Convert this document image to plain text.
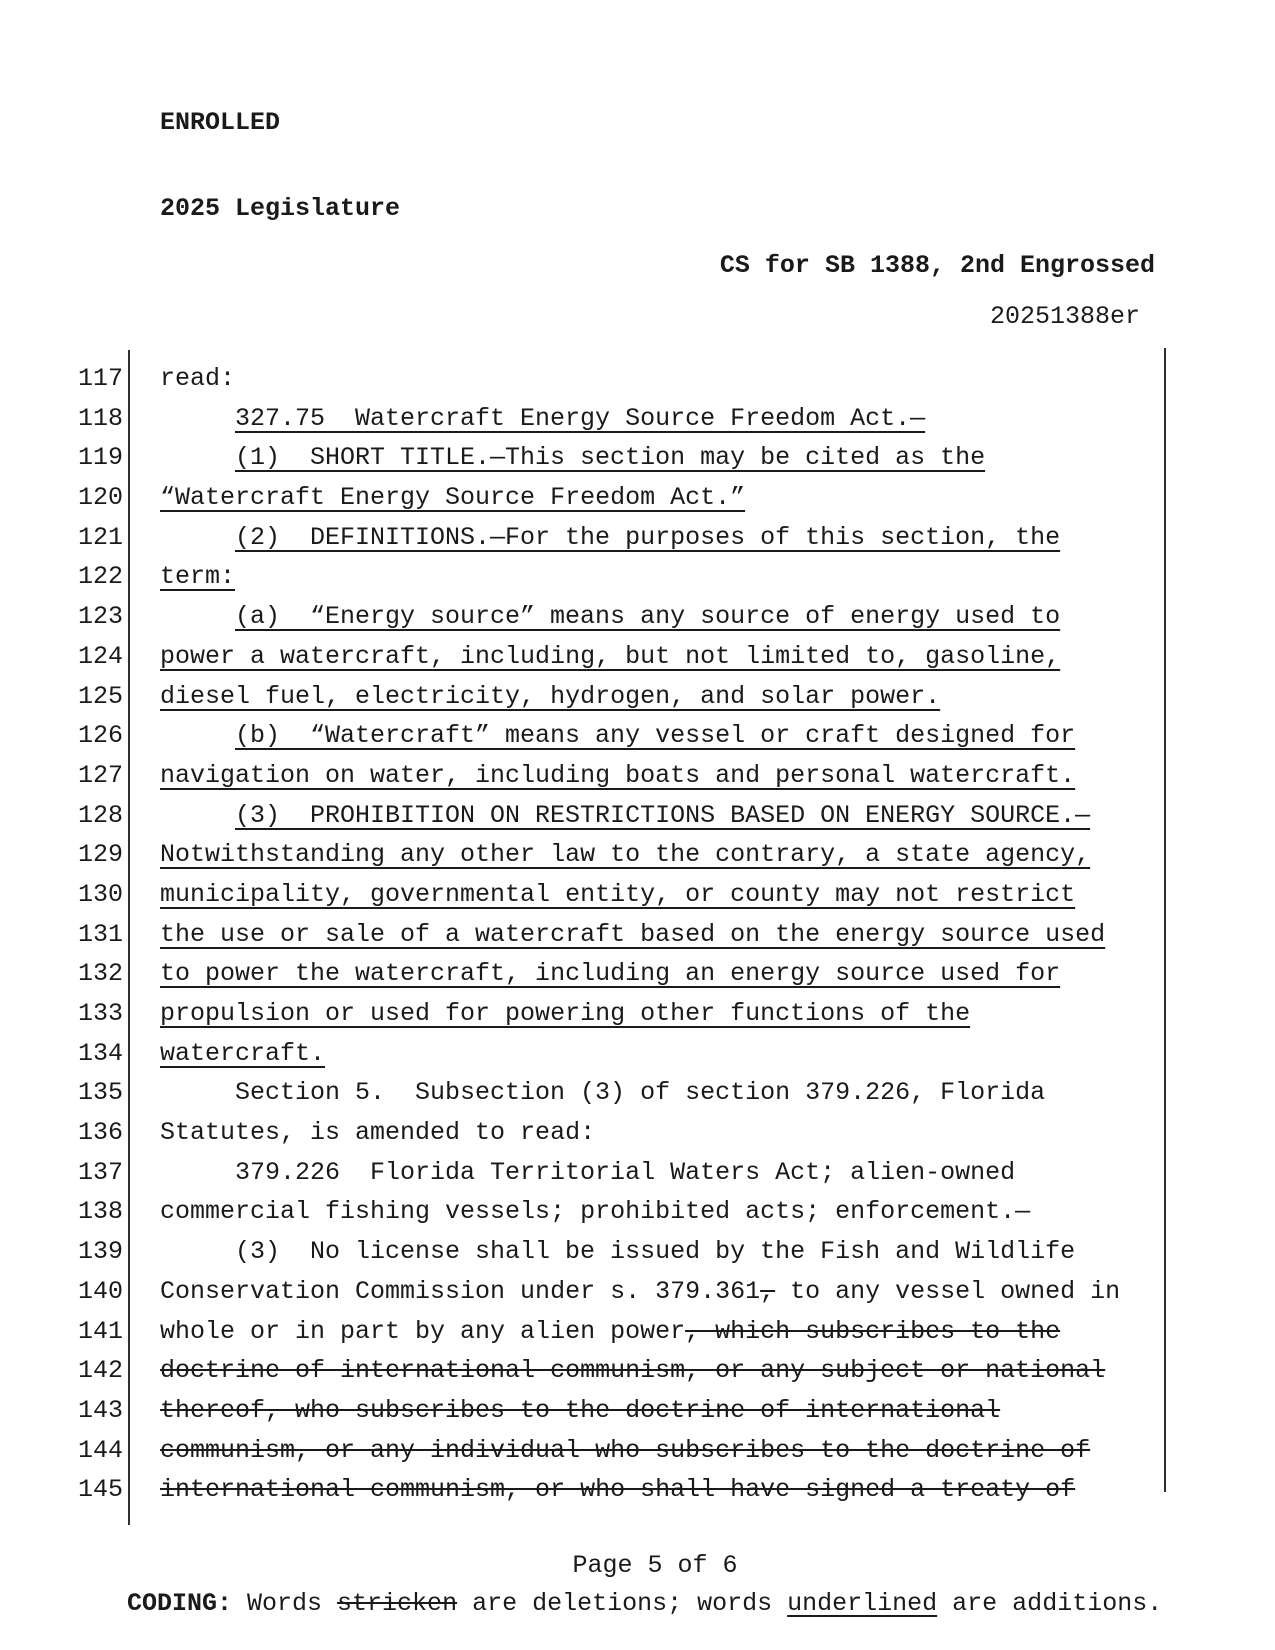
ENROLLED

2025 Legislature

CS for SB 1388, 2nd Engrossed
20251388er
117	read:
118	327.75  Watercraft Energy Source Freedom Act.—
119	(1)  SHORT TITLE.—This section may be cited as the
120	“Watercraft Energy Source Freedom Act.”
121	(2)  DEFINITIONS.—For the purposes of this section, the
122	term:
123	(a)  “Energy source” means any source of energy used to
124	power a watercraft, including, but not limited to, gasoline,
125	diesel fuel, electricity, hydrogen, and solar power.
126	(b)  “Watercraft” means any vessel or craft designed for
127	navigation on water, including boats and personal watercraft.
128	(3)  PROHIBITION ON RESTRICTIONS BASED ON ENERGY SOURCE.—
129	Notwithstanding any other law to the contrary, a state agency,
130	municipality, governmental entity, or county may not restrict
131	the use or sale of a watercraft based on the energy source used
132	to power the watercraft, including an energy source used for
133	propulsion or used for powering other functions of the
134	watercraft.
135	Section 5.  Subsection (3) of section 379.226, Florida
136	Statutes, is amended to read:
137	379.226  Florida Territorial Waters Act; alien-owned
138	commercial fishing vessels; prohibited acts; enforcement.—
139	(3)  No license shall be issued by the Fish and Wildlife
140	Conservation Commission under s. 379.361, to any vessel owned in
141	whole or in part by any alien power, which subscribes to the
142	doctrine of international communism, or any subject or national
143	thereof, who subscribes to the doctrine of international
144	communism, or any individual who subscribes to the doctrine of
145	international communism, or who shall have signed a treaty of
Page 5 of 6
CODING: Words stricken are deletions; words underlined are additions.
